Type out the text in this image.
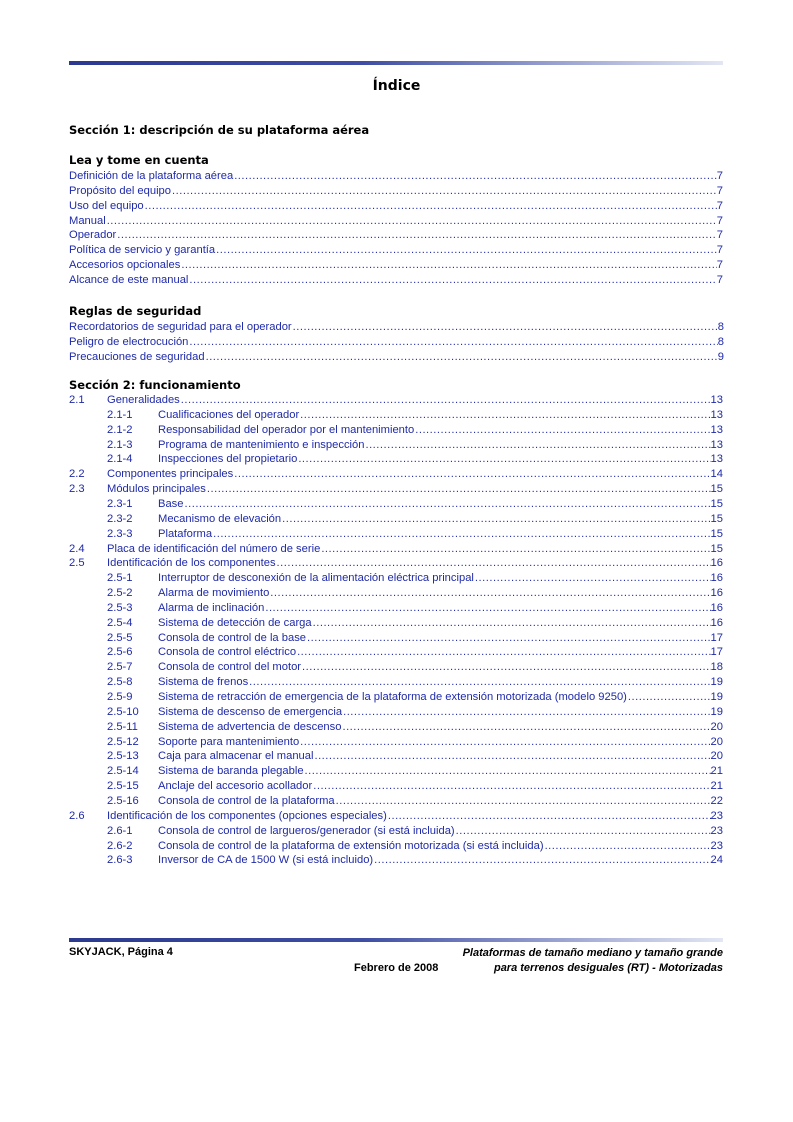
Índice
Sección 1: descripción de su plataforma aérea
Lea y tome en cuenta
Definición de la plataforma aérea .....	7
Propósito del equipo .....	7
Uso del equipo .....	7
Manual .....	7
Operador .....	7
Política de servicio y garantía .....	7
Accesorios opcionales .....	7
Alcance de este manual .....	7
Reglas de seguridad
Recordatorios de seguridad para el operador .....	8
Peligro de electrocución .....	8
Precauciones de seguridad .....	9
Sección 2: funcionamiento
2.1 Generalidades .....	13
2.1-1 Cualificaciones del operador .....	13
2.1-2 Responsabilidad del operador por el mantenimiento .....	13
2.1-3 Programa de mantenimiento e inspección .....	13
2.1-4 Inspecciones del propietario .....	13
2.2 Componentes principales .....	14
2.3 Módulos principales .....	15
2.3-1 Base .....	15
2.3-2 Mecanismo de elevación .....	15
2.3-3 Plataforma .....	15
2.4 Placa de identificación del número de serie .....	15
2.5 Identificación de los componentes .....	16
2.5-1 Interruptor de desconexión de la alimentación eléctrica principal .....	16
2.5-2 Alarma de movimiento .....	16
2.5-3 Alarma de inclinación .....	16
2.5-4 Sistema de detección de carga .....	16
2.5-5 Consola de control de la base .....	17
2.5-6 Consola de control eléctrico .....	17
2.5-7 Consola de control del motor .....	18
2.5-8 Sistema de frenos .....	19
2.5-9 Sistema de retracción de emergencia de la plataforma de extensión motorizada (modelo 9250) .....	19
2.5-10 Sistema de descenso de emergencia .....	19
2.5-11 Sistema de advertencia de descenso .....	20
2.5-12 Soporte para mantenimiento .....	20
2.5-13 Caja para almacenar el manual .....	20
2.5-14 Sistema de baranda plegable .....	21
2.5-15 Anclaje del accesorio acollador .....	21
2.5-16 Consola de control de la plataforma .....	22
2.6 Identificación de los componentes (opciones especiales) .....	23
2.6-1 Consola de control de largueros/generador (si está incluida) .....	23
2.6-2 Consola de control de la plataforma de extensión motorizada (si está incluida) .....	23
2.6-3 Inversor de CA de 1500 W (si está incluido) .....	24
SKYJACK, Página 4
Febrero de 2008
Plataformas de tamaño mediano y tamaño grande
para terrenos desiguales (RT) - Motorizadas
